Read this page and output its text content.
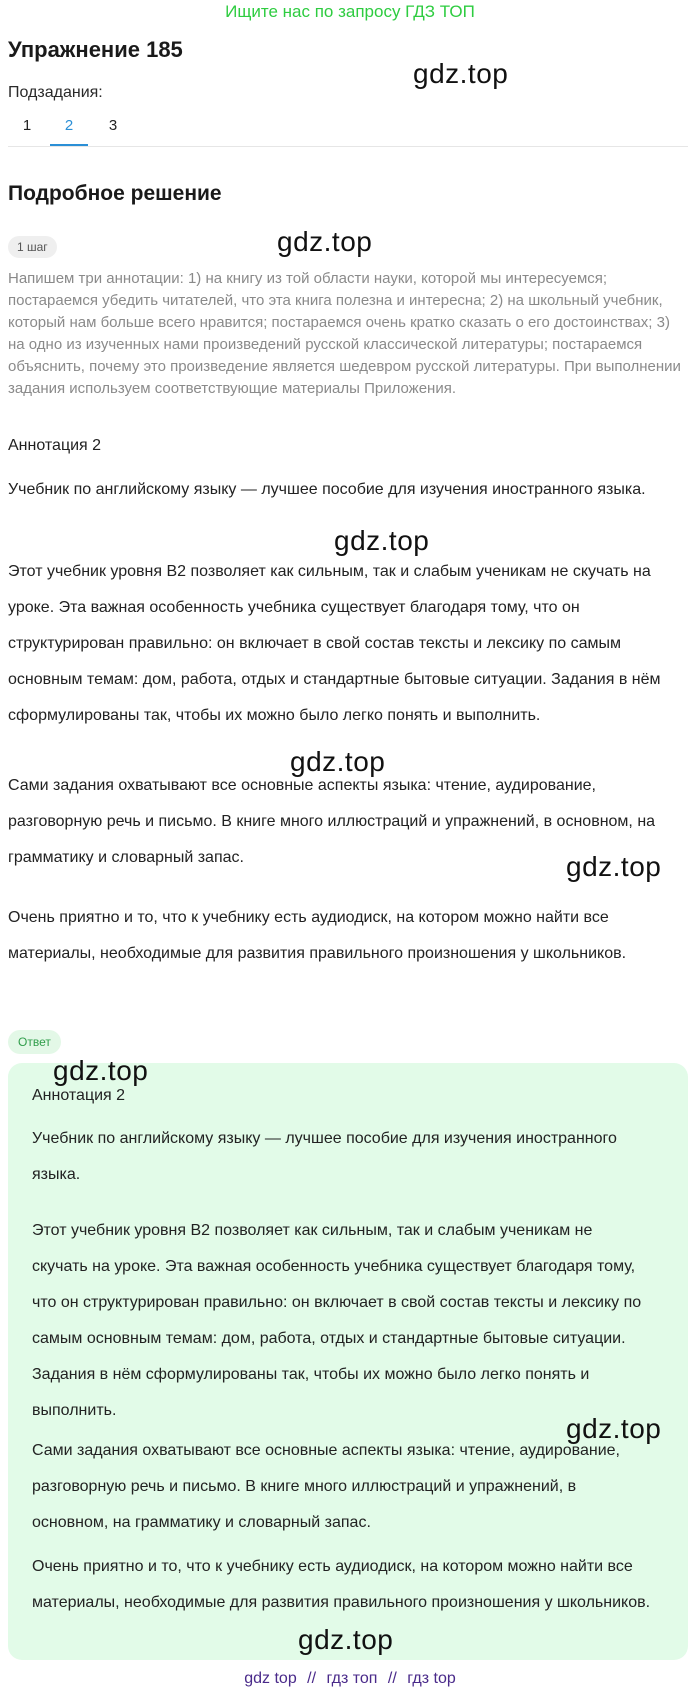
Ищите нас по запросу ГДЗ ТОП
Упражнение 185
Подзадания:
1	2	3
Подробное решение
1 шаг
Напишем три аннотации: 1) на книгу из той области науки, которой мы интересуемся; постараемся убедить читателей, что эта книга полезна и интересна; 2) на школьный учебник, который нам больше всего нравится; постараемся очень кратко сказать о его достоинствах; 3) на одно из изученных нами произведений русской классической литературы; постараемся объяснить, почему это произведение является шедевром русской литературы. При выполнении задания используем соответствующие материалы Приложения.
Аннотация 2
Учебник по английскому языку — лучшее пособие для изучения иностранного языка.
Этот учебник уровня B2 позволяет как сильным, так и слабым ученикам не скучать на уроке. Эта важная особенность учебника существует благодаря тому, что он структурирован правильно: он включает в свой состав тексты и лексику по самым основным темам: дом, работа, отдых и стандартные бытовые ситуации. Задания в нём сформулированы так, чтобы их можно было легко понять и выполнить.
Сами задания охватывают все основные аспекты языка: чтение, аудирование, разговорную речь и письмо. В книге много иллюстраций и упражнений, в основном, на грамматику и словарный запас.
Очень приятно и то, что к учебнику есть аудиодиск, на котором можно найти все материалы, необходимые для развития правильного произношения у школьников.
Ответ
Аннотация 2

Учебник по английскому языку — лучшее пособие для изучения иностранного языка.

Этот учебник уровня B2 позволяет как сильным, так и слабым ученикам не скучать на уроке. Эта важная особенность учебника существует благодаря тому, что он структурирован правильно: он включает в свой состав тексты и лексику по самым основным темам: дом, работа, отдых и стандартные бытовые ситуации. Задания в нём сформулированы так, чтобы их можно было легко понять и выполнить.

Сами задания охватывают все основные аспекты языка: чтение, аудирование, разговорную речь и письмо. В книге много иллюстраций и упражнений, в основном, на грамматику и словарный запас.

Очень приятно и то, что к учебнику есть аудиодиск, на котором можно найти все материалы, необходимые для развития правильного произношения у школьников.

gdz.top
gdz.top
gdz.top
gdz.top
gdz.top
gdz.top
gdz.top
gdz.top
gdz top // гдз топ // гдз top
